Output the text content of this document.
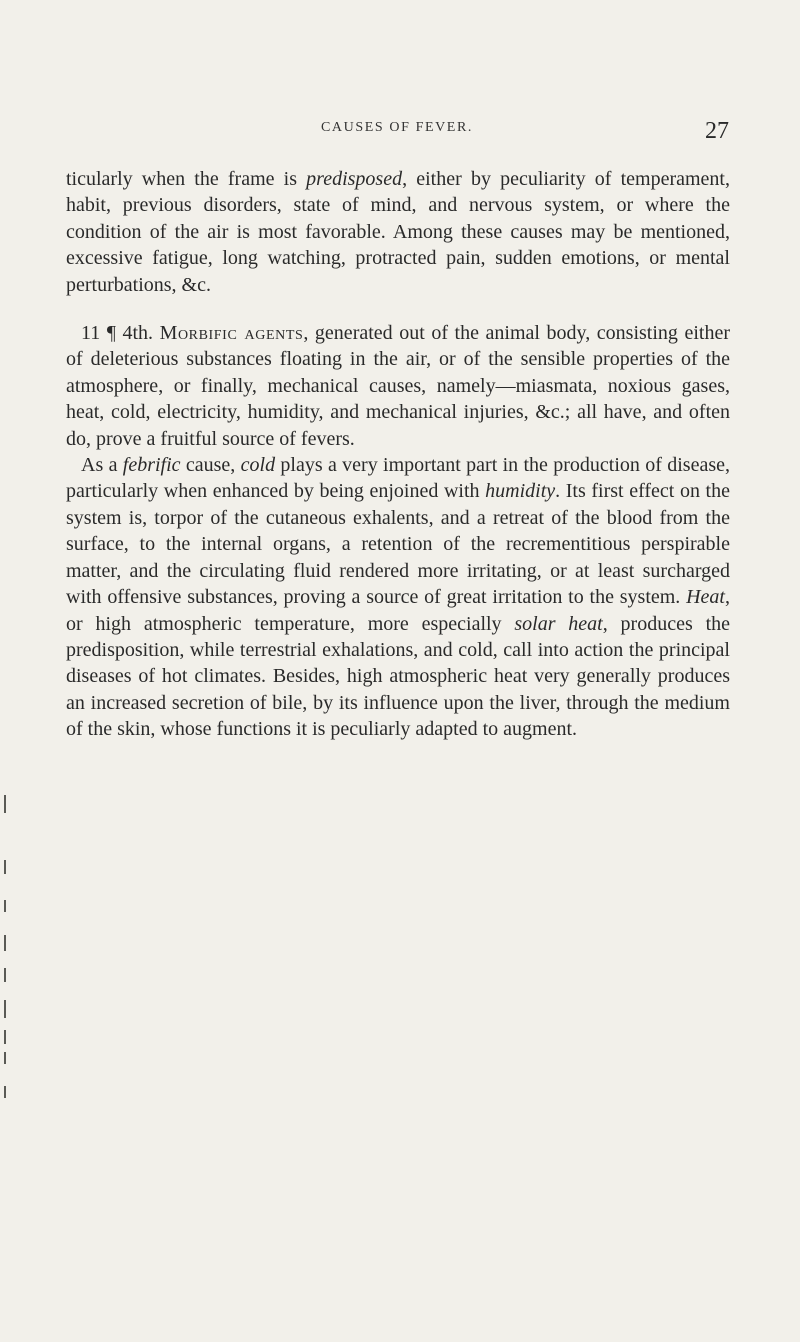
CAUSES OF FEVER.	27

ticularly when the frame is predisposed, either by peculiarity of temperament, habit, previous disorders, state of mind, and nervous system, or where the condition of the air is most favorable. Among these causes may be mentioned, excessive fatigue, long watching, protracted pain, sudden emotions, or mental perturbations, &c.

11 ¶ 4th. Morbific agents, generated out of the animal body, consisting either of deleterious substances floating in the air, or of the sensible properties of the atmosphere, or finally, mechanical causes, namely—miasmata, noxious gases, heat, cold, electricity, humidity, and mechanical injuries, &c.; all have, and often do, prove a fruitful source of fevers.

As a febrific cause, cold plays a very important part in the production of disease, particularly when enhanced by being enjoined with humidity. Its first effect on the system is, torpor of the cutaneous exhalents, and a retreat of the blood from the surface, to the internal organs, a retention of the recrementitious perspirable matter, and the circulating fluid rendered more irritating, or at least surcharged with offensive substances, proving a source of great irritation to the system. Heat, or high atmospheric temperature, more especially solar heat, produces the predisposition, while terrestrial exhalations, and cold, call into action the principal diseases of hot climates. Besides, high atmospheric heat very generally produces an increased secretion of bile, by its influence upon the liver, through the medium of the skin, whose functions it is peculiarly adapted to augment.
